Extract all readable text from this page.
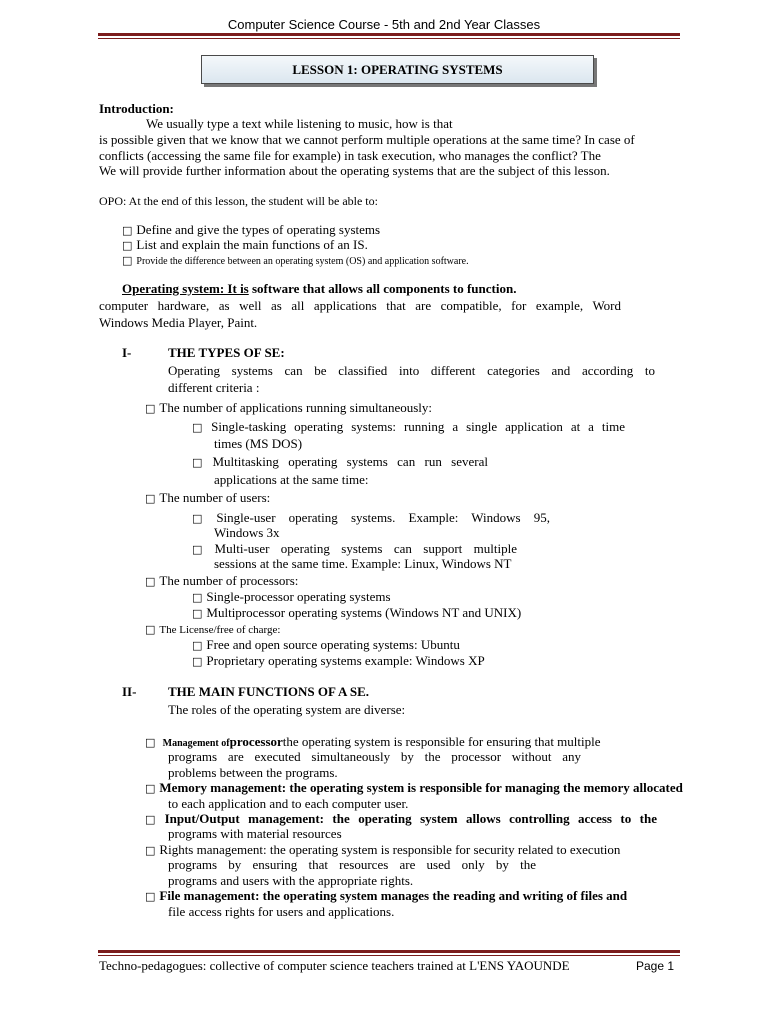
Computer Science Course - 5th and 2nd Year Classes
LESSON 1: OPERATING SYSTEMS
Introduction:
We usually type a text while listening to music, how is that
is possible given that we know that we cannot perform multiple operations at the same time? In case of
conflicts (accessing the same file for example) in task execution, who manages the conflict? The
We will provide further information about the operating systems that are the subject of this lesson.
OPO: At the end of this lesson, the student will be able to:
□ Define and give the types of operating systems
□ List and explain the main functions of an IS.
□ Provide the difference between an operating system (OS) and application software.
Operating system: It is software that allows all components to function.
computer hardware, as well as all applications that are compatible, for example, Word
Windows Media Player, Paint.
I-	THE TYPES OF SE:
Operating systems can be classified into different categories and according to
different criteria :
□ The number of applications running simultaneously:
□ Single-tasking operating systems: running a single application at a time
times (MS DOS)
□ Multitasking operating systems can run several
applications at the same time:
□ The number of users:
□ Single-user operating systems. Example: Windows 95,
Windows 3x
□ Multi-user operating systems can support multiple
sessions at the same time. Example: Linux, Windows NT
□ The number of processors:
□ Single-processor operating systems
□ Multiprocessor operating systems (Windows NT and UNIX)
□ The License/free of charge:
□ Free and open source operating systems: Ubuntu
□ Proprietary operating systems example: Windows XP
II- THE MAIN FUNCTIONS OF A SE.
The roles of the operating system are diverse:
□ Management ofprocessorthe operating system is responsible for ensuring that multiple
programs are executed simultaneously by the processor without any
problems between the programs.
□ Memory management: the operating system is responsible for managing the memory allocated
to each application and to each computer user.
□ Input/Output management: the operating system allows controlling access to the
programs with material resources
□ Rights management: the operating system is responsible for security related to execution
programs by ensuring that resources are used only by the
programs and users with the appropriate rights.
□ File management: the operating system manages the reading and writing of files and
file access rights for users and applications.
Techno-pedagogues: collective of computer science teachers trained at L'ENS YAOUNDE	Page 1
